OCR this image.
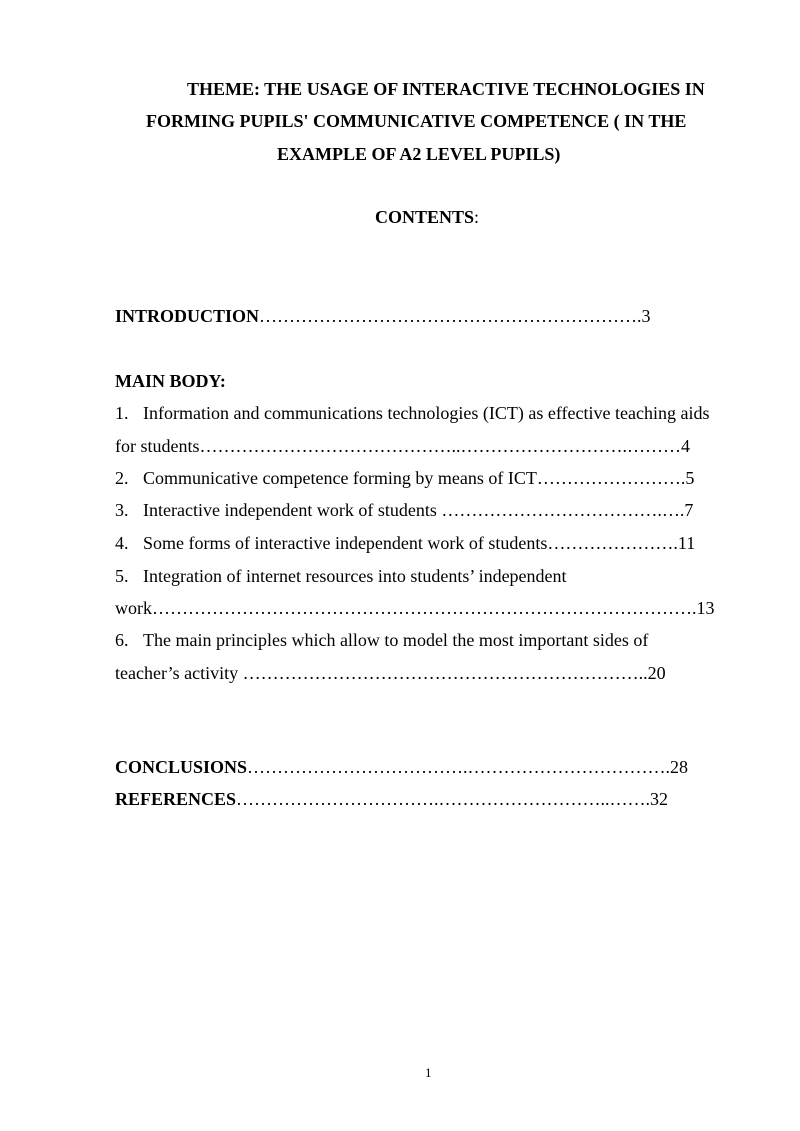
THEME: THE USAGE OF INTERACTIVE TECHNOLOGIES IN
FORMING PUPILS' COMMUNICATIVE COMPETENCE ( IN THE
EXAMPLE OF A2 LEVEL PUPILS)
CONTENTS:
INTRODUCTION……………………………………………………….3
MAIN BODY:
1. Information and communications technologies (ICT) as effective teaching aids
for students……………………………………..……………………….………4
2. Communicative competence forming by means of ICT…………………….5
3. Interactive independent work of students ……………………………….….7
4. Some forms of interactive independent work of students………………….11
5. Integration of internet resources into students’ independent
work……………………………………………………………………………….13
6. The main principles which allow to model the most important sides of
teacher’s activity …………………………………………………………..20
CONCLUSIONS……………………………….…………………………….28
REFERENCES…………………………….………………………..…….32
1
